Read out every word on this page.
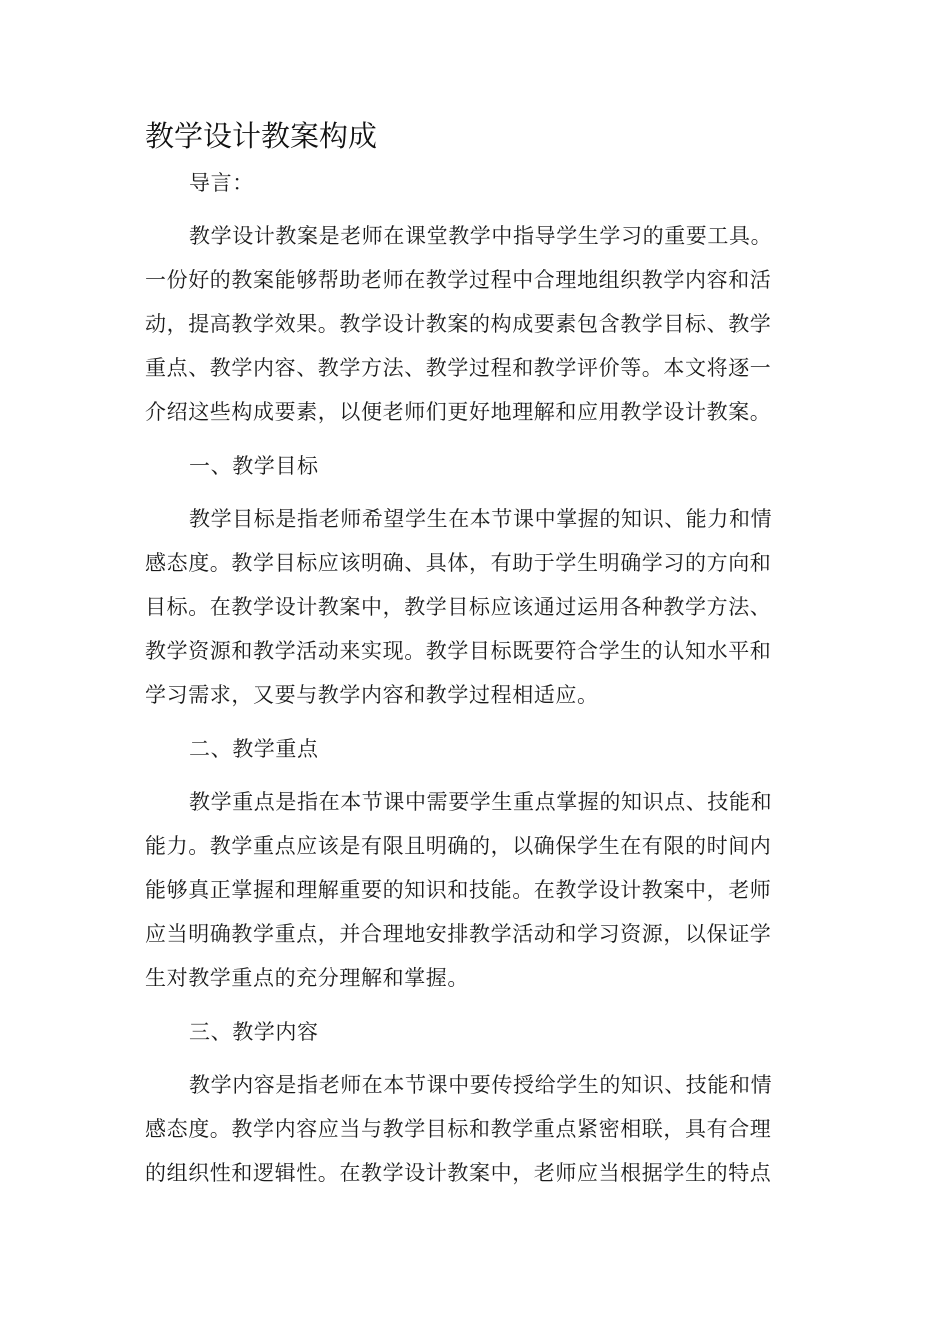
教学设计教案构成
导言：
教学设计教案是老师在课堂教学中指导学生学习的重要工具。
一份好的教案能够帮助老师在教学过程中合理地组织教学内容和活
动，提高教学效果。教学设计教案的构成要素包含教学目标、教学
重点、教学内容、教学方法、教学过程和教学评价等。本文将逐一
介绍这些构成要素，以便老师们更好地理解和应用教学设计教案。
一、教学目标
教学目标是指老师希望学生在本节课中掌握的知识、能力和情
感态度。教学目标应该明确、具体，有助于学生明确学习的方向和
目标。在教学设计教案中，教学目标应该通过运用各种教学方法、
教学资源和教学活动来实现。教学目标既要符合学生的认知水平和
学习需求，又要与教学内容和教学过程相适应。
二、教学重点
教学重点是指在本节课中需要学生重点掌握的知识点、技能和
能力。教学重点应该是有限且明确的，以确保学生在有限的时间内
能够真正掌握和理解重要的知识和技能。在教学设计教案中，老师
应当明确教学重点，并合理地安排教学活动和学习资源，以保证学
生对教学重点的充分理解和掌握。
三、教学内容
教学内容是指老师在本节课中要传授给学生的知识、技能和情
感态度。教学内容应当与教学目标和教学重点紧密相联，具有合理
的组织性和逻辑性。在教学设计教案中，老师应当根据学生的特点
